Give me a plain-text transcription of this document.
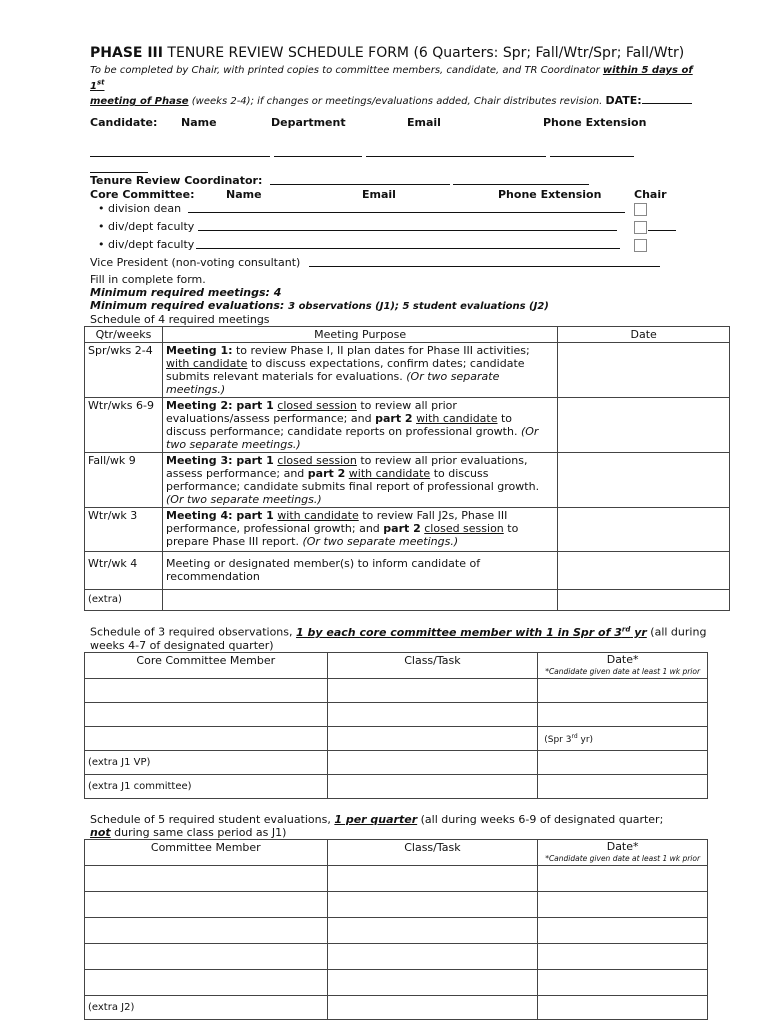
PHASE III TENURE REVIEW SCHEDULE FORM (6 Quarters: Spr; Fall/Wtr/Spr; Fall/Wtr)
To be completed by Chair, with printed copies to committee members, candidate, and TR Coordinator within 5 days of 1st
meeting of Phase (weeks 2-4); if changes or meetings/evaluations added, Chair distributes revision. DATE:
Candidate: Name	Department	Email	Phone Extension
Tenure Review Coordinator:
Core Committee:	Name	Email	Phone Extension	Chair
• division dean
• div/dept faculty
• div/dept faculty
Vice President (non-voting consultant)
Fill in complete form.
Minimum required meetings: 4
Minimum required evaluations: 3 observations (J1); 5 student evaluations (J2)
Schedule of 4 required meetings
Qtr/weeks	Meeting Purpose	Date
Spr/wks 2-4	Meeting 1: to review Phase I, II plan dates for Phase III activities; with candidate to discuss expectations, confirm dates; candidate submits relevant materials for evaluations. (Or two separate meetings.)	
Wtr/wks 6-9	Meeting 2: part 1 closed session to review all prior evaluations/assess performance; and part 2 with candidate to discuss performance; candidate reports on professional growth. (Or two separate meetings.)	
Fall/wk 9	Meeting 3: part 1 closed session to review all prior evaluations, assess performance; and part 2 with candidate to discuss performance; candidate submits final report of professional growth. (Or two separate meetings.)	
Wtr/wk 3	Meeting 4: part 1 with candidate to review Fall J2s, Phase III performance, professional growth; and part 2 closed session to prepare Phase III report. (Or two separate meetings.)	
Wtr/wk 4	Meeting or designated member(s) to inform candidate of recommendation	
(extra)		
Schedule of 3 required observations, 1 by each core committee member with 1 in Spr of 3rd yr (all during weeks 4-7 of designated quarter)
Core Committee Member	Class/Task	Date*
*Candidate given date at least 1 wk prior

		(Spr 3rd yr)
(extra J1 VP)		
(extra J1 committee)		
Schedule of 5 required student evaluations, 1 per quarter (all during weeks 6-9 of designated quarter;
not during same class period as J1)
Committee Member	Class/Task	Date*
*Candidate given date at least 1 wk prior

(extra J2)		
